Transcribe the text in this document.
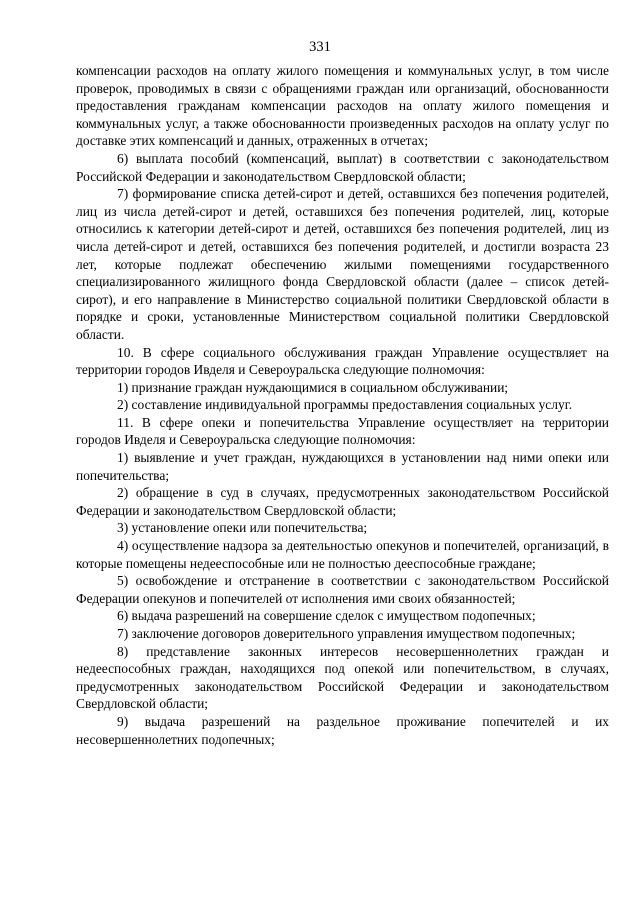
331

компенсации расходов на оплату жилого помещения и коммунальных услуг, в том числе проверок, проводимых в связи с обращениями граждан или организаций, обоснованности предоставления гражданам компенсации расходов на оплату жилого помещения и коммунальных услуг, а также обоснованности произведенных расходов на оплату услуг по доставке этих компенсаций и данных, отраженных в отчетах;

6) выплата пособий (компенсаций, выплат) в соответствии с законодательством Российской Федерации и законодательством Свердловской области;

7) формирование списка детей-сирот и детей, оставшихся без попечения родителей, лиц из числа детей-сирот и детей, оставшихся без попечения родителей, лиц, которые относились к категории детей-сирот и детей, оставшихся без попечения родителей, лиц из числа детей-сирот и детей, оставшихся без попечения родителей, и достигли возраста 23 лет, которые подлежат обеспечению жилыми помещениями государственного специализированного жилищного фонда Свердловской области (далее – список детей-сирот), и его направление в Министерство социальной политики Свердловской области в порядке и сроки, установленные Министерством социальной политики Свердловской области.

10. В сфере социального обслуживания граждан Управление осуществляет на территории городов Ивделя и Североуральска следующие полномочия:

1) признание граждан нуждающимися в социальном обслуживании;

2) составление индивидуальной программы предоставления социальных услуг.

11. В сфере опеки и попечительства Управление осуществляет на территории городов Ивделя и Североуральска следующие полномочия:

1) выявление и учет граждан, нуждающихся в установлении над ними опеки или попечительства;

2) обращение в суд в случаях, предусмотренных законодательством Российской Федерации и законодательством Свердловской области;

3) установление опеки или попечительства;

4) осуществление надзора за деятельностью опекунов и попечителей, организаций, в которые помещены недееспособные или не полностью дееспособные граждане;

5) освобождение и отстранение в соответствии с законодательством Российской Федерации опекунов и попечителей от исполнения ими своих обязанностей;

6) выдача разрешений на совершение сделок с имуществом подопечных;

7) заключение договоров доверительного управления имуществом подопечных;

8) представление законных интересов несовершеннолетних граждан и недееспособных граждан, находящихся под опекой или попечительством, в случаях, предусмотренных законодательством Российской Федерации и законодательством Свердловской области;

9) выдача разрешений на раздельное проживание попечителей и их несовершеннолетних подопечных;
